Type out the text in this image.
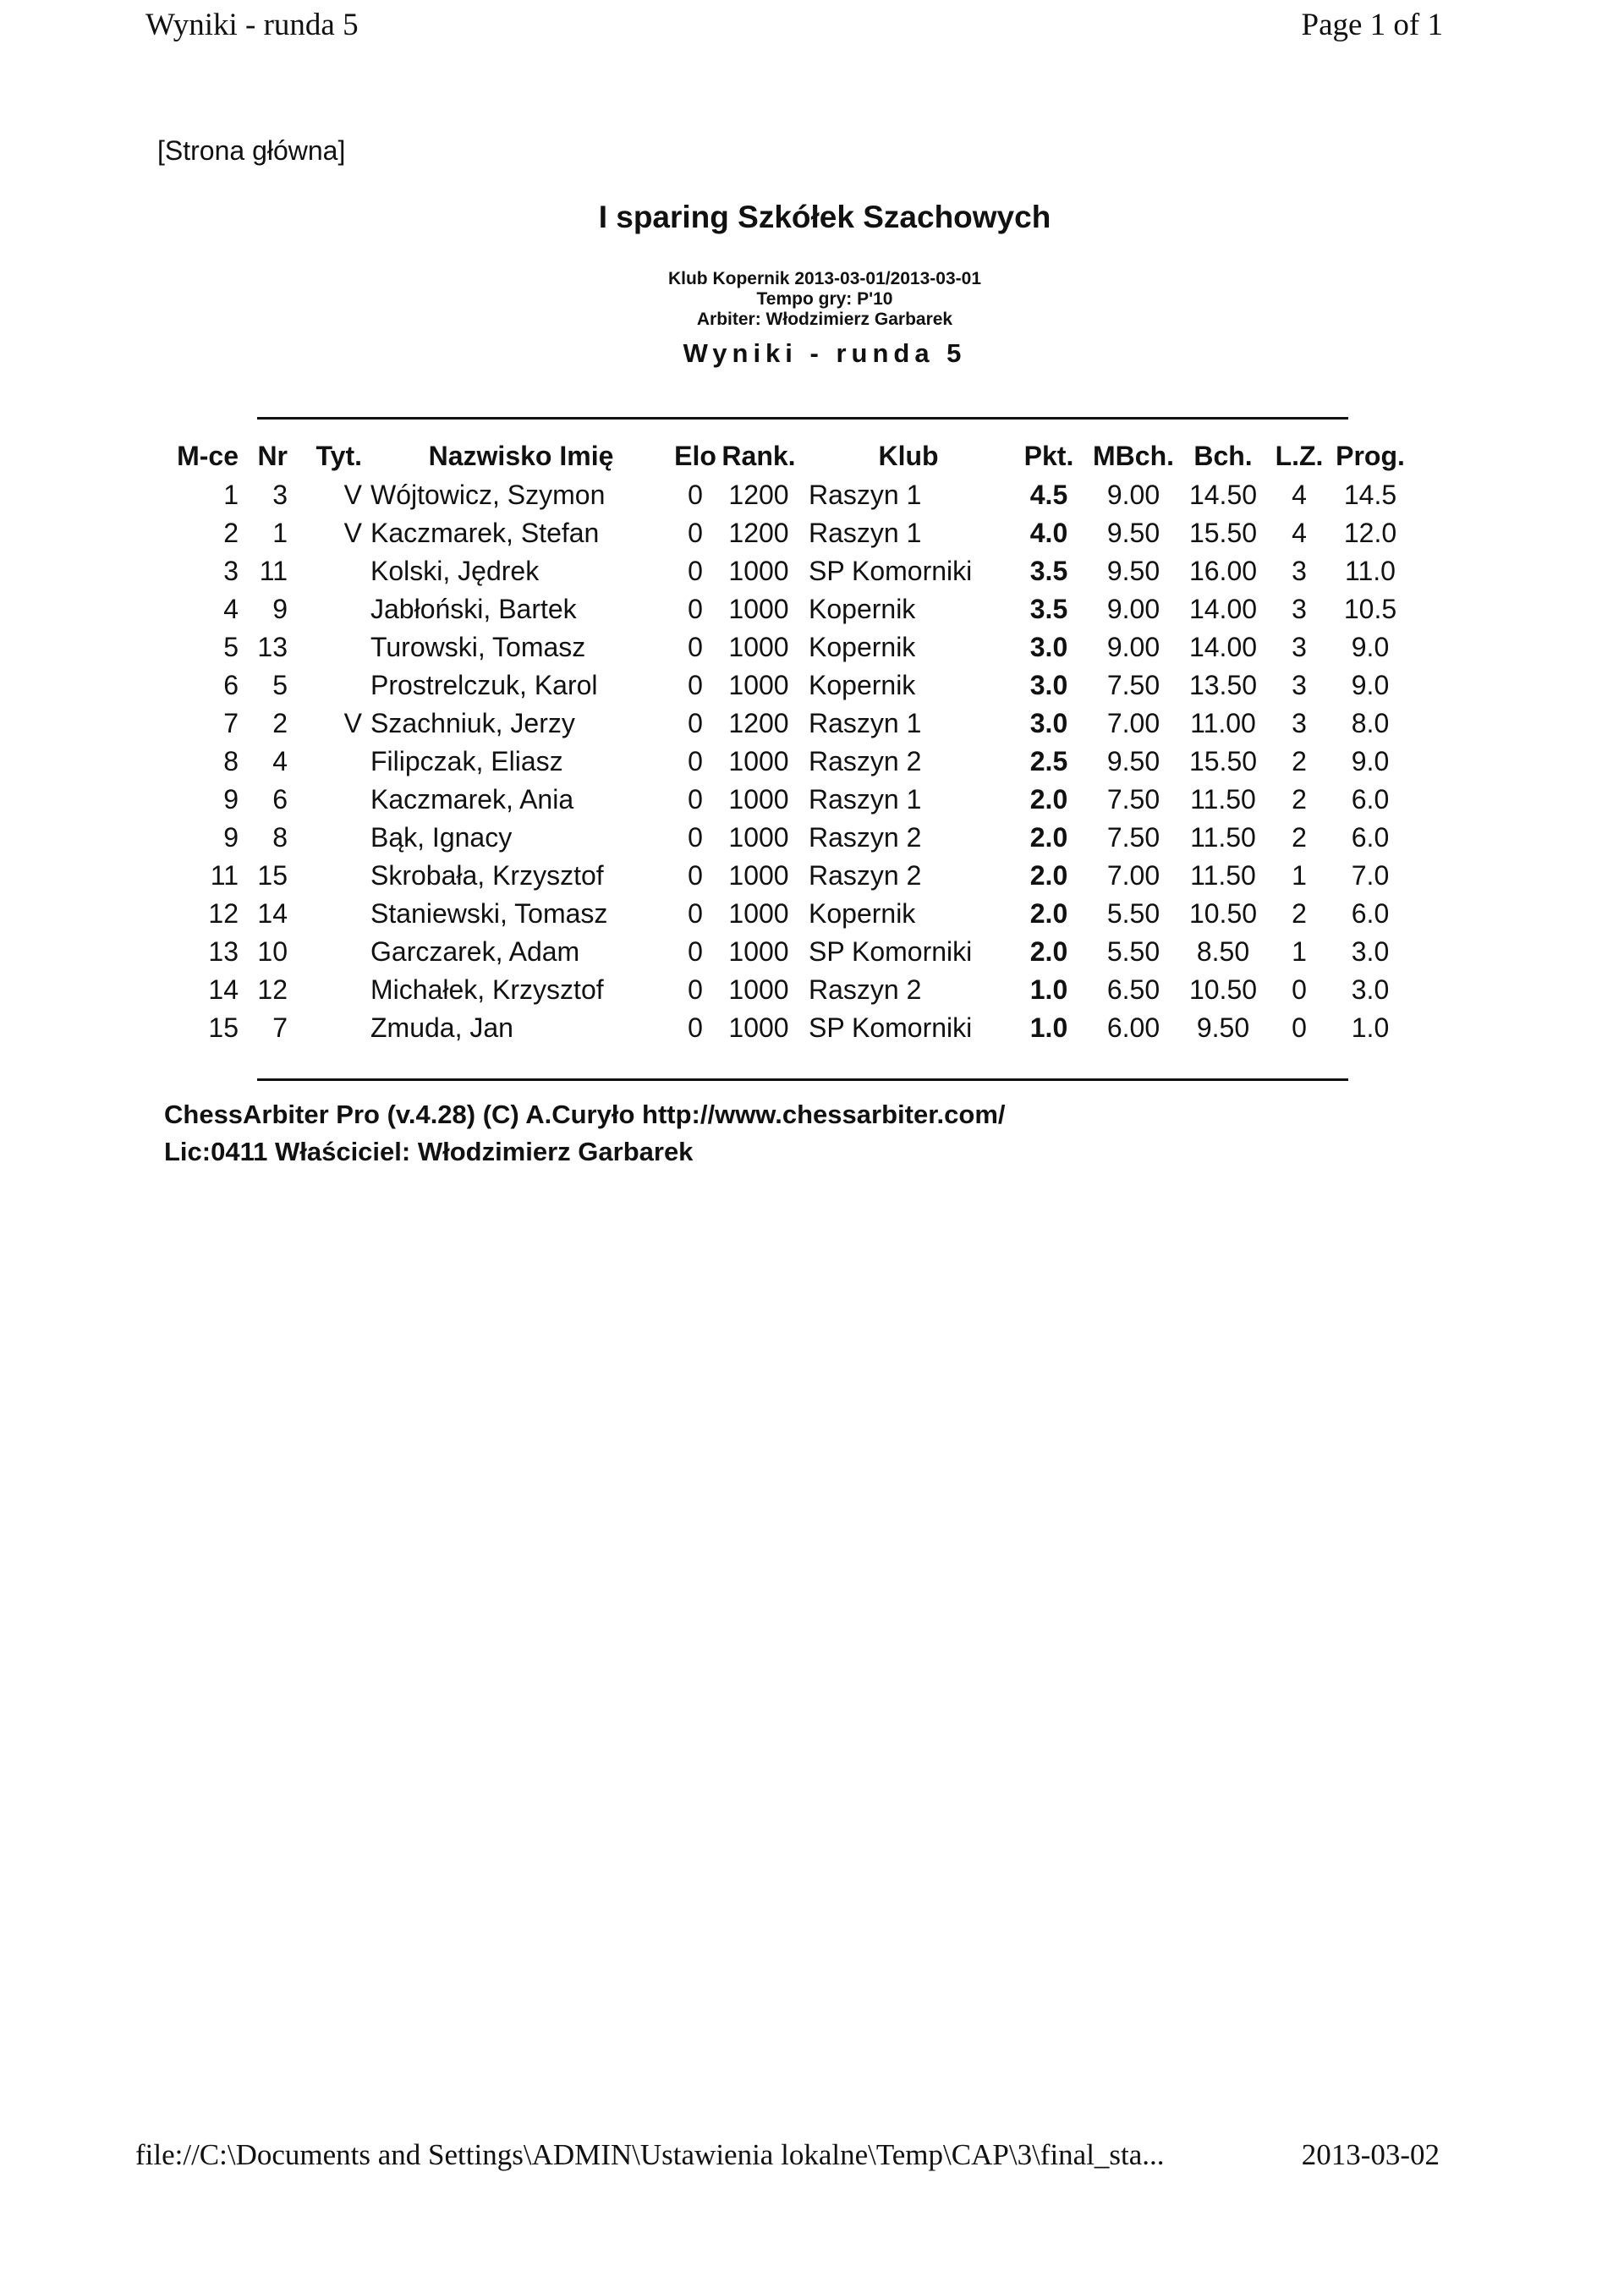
Wyniki - runda 5	Page 1 of 1
[Strona główna]
I sparing Szkółek Szachowych
Klub Kopernik 2013-03-01/2013-03-01
Tempo gry: P'10
Arbiter: Włodzimierz Garbarek
Wyniki - runda 5
M-ce	Nr	Tyt.	Nazwisko Imię	Elo	Rank.	Klub	Pkt.	MBch.	Bch.	L.Z.	Prog.
1	3	V	Wójtowicz, Szymon	0	1200	Raszyn 1	4.5	9.00	14.50	4	14.5
2	1	V	Kaczmarek, Stefan	0	1200	Raszyn 1	4.0	9.50	15.50	4	12.0
3	11		Kolski, Jędrek	0	1000	SP Komorniki	3.5	9.50	16.00	3	11.0
4	9		Jabłoński, Bartek	0	1000	Kopernik	3.5	9.00	14.00	3	10.5
5	13		Turowski, Tomasz	0	1000	Kopernik	3.0	9.00	14.00	3	9.0
6	5		Prostrelczuk, Karol	0	1000	Kopernik	3.0	7.50	13.50	3	9.0
7	2	V	Szachniuk, Jerzy	0	1200	Raszyn 1	3.0	7.00	11.00	3	8.0
8	4		Filipczak, Eliasz	0	1000	Raszyn 2	2.5	9.50	15.50	2	9.0
9	6		Kaczmarek, Ania	0	1000	Raszyn 1	2.0	7.50	11.50	2	6.0
9	8		Bąk, Ignacy	0	1000	Raszyn 2	2.0	7.50	11.50	2	6.0
11	15		Skrobała, Krzysztof	0	1000	Raszyn 2	2.0	7.00	11.50	1	7.0
12	14		Staniewski, Tomasz	0	1000	Kopernik	2.0	5.50	10.50	2	6.0
13	10		Garczarek, Adam	0	1000	SP Komorniki	2.0	5.50	8.50	1	3.0
14	12		Michałek, Krzysztof	0	1000	Raszyn 2	1.0	6.50	10.50	0	3.0
15	7		Zmuda, Jan	0	1000	SP Komorniki	1.0	6.00	9.50	0	1.0
ChessArbiter Pro (v.4.28) (C) A.Curyło http://www.chessarbiter.com/
Lic:0411 Właściciel: Włodzimierz Garbarek
file://C:\Documents and Settings\ADMIN\Ustawienia lokalne\Temp\CAP\3\final_sta...	2013-03-02
